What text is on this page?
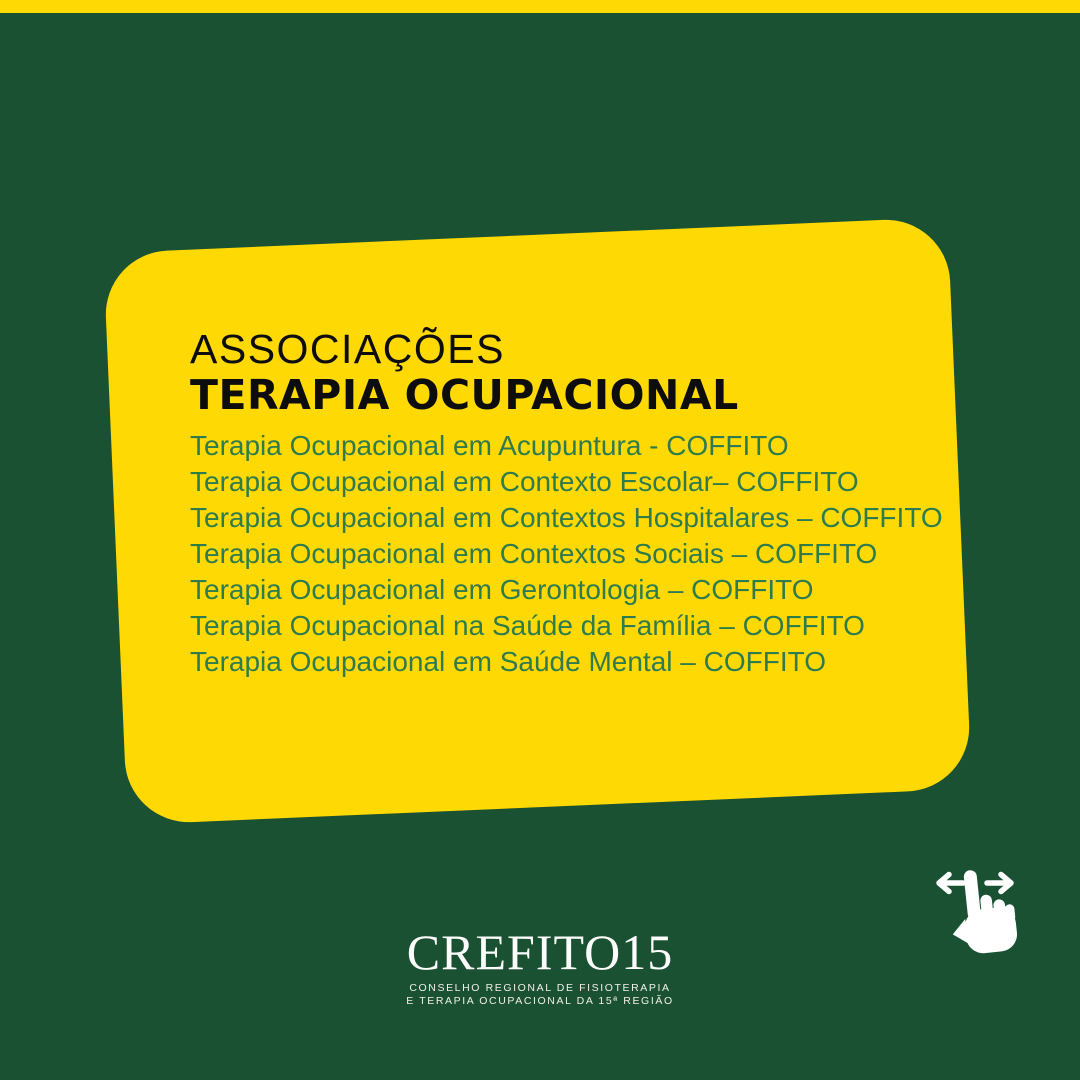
ASSOCIAÇÕES
TERAPIA OCUPACIONAL
Terapia Ocupacional em Acupuntura - COFFITO
Terapia Ocupacional em Contexto Escolar– COFFITO
Terapia Ocupacional em Contextos Hospitalares – COFFITO
Terapia Ocupacional em Contextos Sociais – COFFITO
Terapia Ocupacional em Gerontologia – COFFITO
Terapia Ocupacional na Saúde da Família – COFFITO
Terapia Ocupacional em Saúde Mental – COFFITO
CREFITO15
CONSELHO REGIONAL DE FISIOTERAPIA
E TERAPIA OCUPACIONAL DA 15ª REGIÃO
